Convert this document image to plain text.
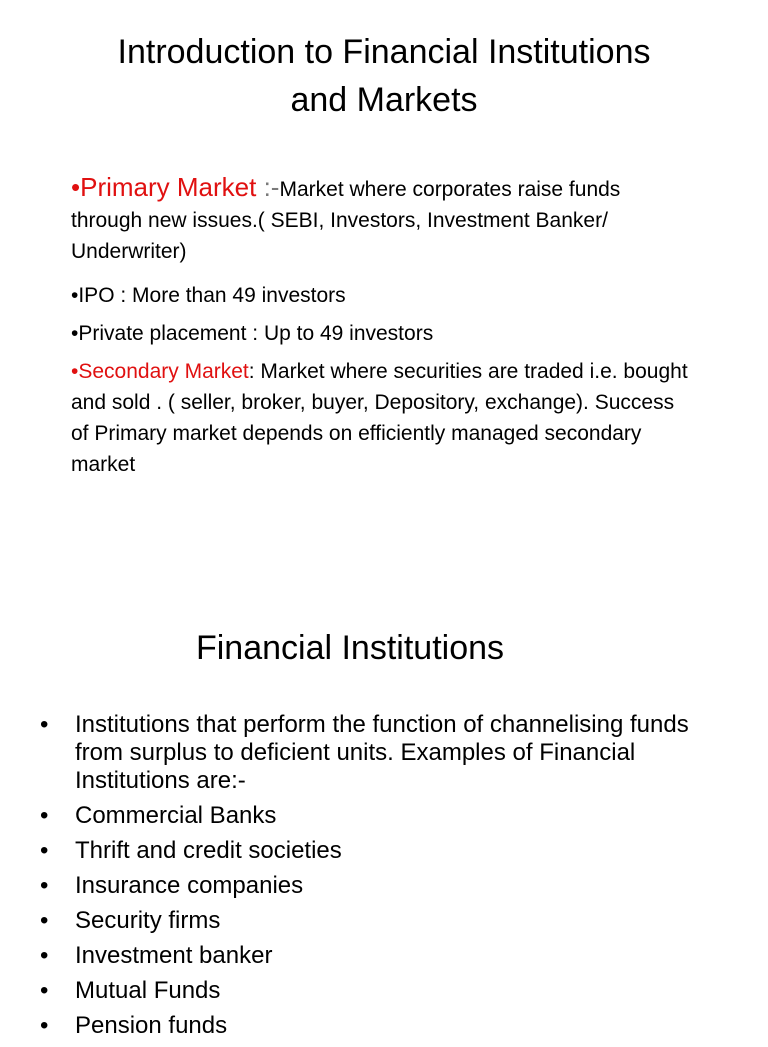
Introduction to Financial Institutions
and Markets
•Primary Market :-Market where corporates raise funds through new issues.( SEBI, Investors, Investment Banker/ Underwriter)
•IPO : More than 49 investors
•Private placement : Up to 49 investors
•Secondary Market: Market where securities are traded i.e. bought and sold . ( seller, broker, buyer, Depository, exchange). Success of Primary market depends on efficiently managed secondary market
Financial Institutions
•	Institutions that perform the function of channelising funds from surplus to deficient units. Examples of Financial Institutions are:-
•	Commercial Banks
•	Thrift and credit societies
•	Insurance companies
•	Security firms
•	Investment banker
•	Mutual Funds
•	Pension funds
